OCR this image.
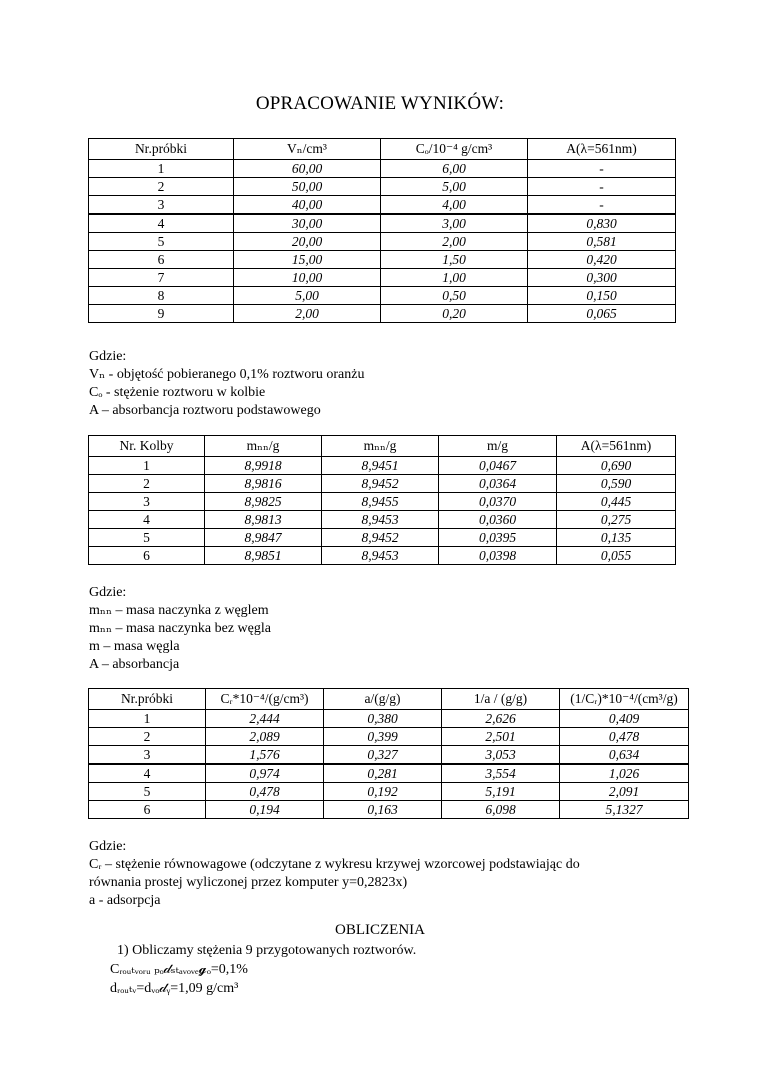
OPRACOWANIE WYNIKÓW:
Nr.próbki	Vₙ/cm³	Cₒ/10⁻⁴ g/cm³	A(λ=561nm)
1	60,00	6,00	-
2	50,00	5,00	-
3	40,00	4,00	-
4	30,00	3,00	0,830
5	20,00	2,00	0,581
6	15,00	1,50	0,420
7	10,00	1,00	0,300
8	5,00	0,50	0,150
9	2,00	0,20	0,065
Gdzie:
Vₙ - objętość pobieranego 0,1% roztworu oranżu
Cₒ - stężenie roztworu w kolbie
A – absorbancja roztworu podstawowego
Nr. Kolby	mₙₙ/g	mₙₙ/g	m/g	A(λ=561nm)
1	8,9918	8,9451	0,0467	0,690
2	8,9816	8,9452	0,0364	0,590
3	8,9825	8,9455	0,0370	0,445
4	8,9813	8,9453	0,0360	0,275
5	8,9847	8,9452	0,0395	0,135
6	8,9851	8,9453	0,0398	0,055
Gdzie:
mₙₙ – masa naczynka z węglem
mₙₙ – masa naczynka bez węgla
m – masa węgla
A – absorbancja
Nr.próbki	Cᵣ*10⁻⁴/(g/cm³)	a/(g/g)	1/a / (g/g)	(1/Cᵣ)*10⁻⁴/(cm³/g)
1	2,444	0,380	2,626	0,409
2	2,089	0,399	2,501	0,478
3	1,576	0,327	3,053	0,634
4	0,974	0,281	3,554	1,026
5	0,478	0,192	5,191	2,091
6	0,194	0,163	6,098	5,1327
Gdzie:
Cᵣ – stężenie równowagowe (odczytane z wykresu krzywej wzorcowej podstawiając do
równania prostej wyliczonej przez komputer y=0,2823x)
a - adsorpcja
OBLICZENIA
1) Obliczamy stężenia 9 przygotowanych roztworów.
Cᵣₒᵤₜᵥₒᵣᵤ ₚₒ𝒹ₛₜₐᵥₒᵥₑ𝓰ₒ=0,1%
dᵣₒᵤₜᵥ=dᵥₒ𝒹ᵧ=1,09 g/cm³
